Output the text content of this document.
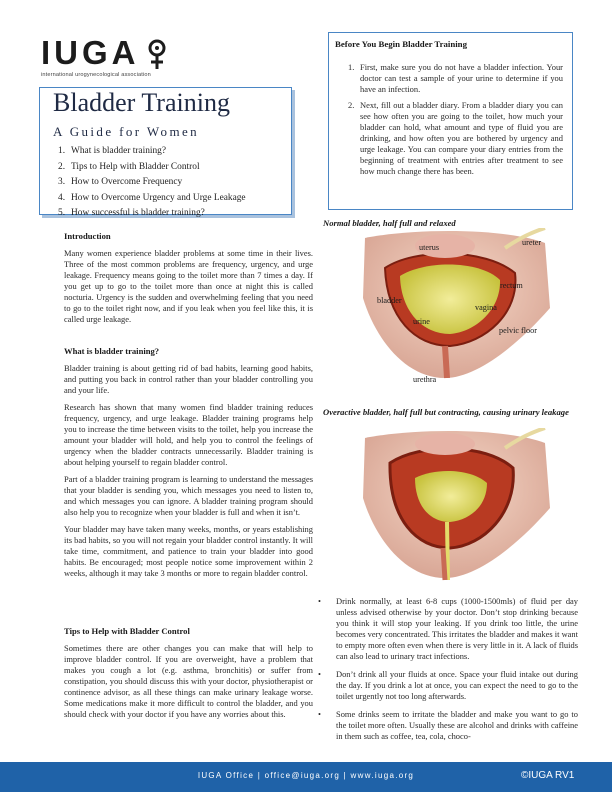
IUGA
international urogynecological association
Bladder Training
A Guide for Women
1. What is bladder training?
2. Tips to Help with Bladder Control
3. How to Overcome Frequency
4. How to Overcome Urgency and Urge Leakage
5. How successful is bladder training?

Introduction

Many women experience bladder problems at some time in their lives. Three of the most common problems are frequency, urgency, and urge leakage. Frequency means going to the toilet more than 7 times a day. If you get up to go to the toilet more than once at night this is called nocturia. Urgency is the sudden and overwhelming feeling that you need to go to the toilet right now, and if you leak when you feel like this, it is called urge leakage.

What is bladder training?

Bladder training is about getting rid of bad habits, learning good habits, and putting you back in control rather than your bladder controlling you and your life.

Research has shown that many women find bladder training reduces frequency, urgency, and urge leakage. Bladder training programs help you to increase the time between visits to the toilet, help you increase the amount your bladder will hold, and help you to control the feelings of urgency when the bladder contracts unnecessarily. Bladder training is about helping yourself to regain bladder control.

Part of a bladder training program is learning to understand the messages that your bladder is sending you, which messages you need to listen to, and which messages you can ignore. A bladder training program should also help you to recognize when your bladder is full and when it isn’t.

Your bladder may have taken many weeks, months, or years establishing its bad habits, so you will not regain your bladder control instantly. It will take time, commitment, and patience to train your bladder into good habits. Be encouraged; most people notice some improvement within 2 weeks, although it may take 3 months or more to regain bladder control.

Tips to Help with Bladder Control

Sometimes there are other changes you can make that will help to improve bladder control. If you are overweight, have a problem that makes you cough a lot (e.g. asthma, bronchitis) or suffer from constipation, you should discuss this with your doctor, physiotherapist or continence advisor, as all these things can make urinary leakage worse. Some medications make it more difficult to control the bladder, and you should check with your doctor if you have any worries about this.

Before You Begin Bladder Training
1. First, make sure you do not have a bladder infection. Your doctor can test a sample of your urine to determine if you have an infection.
2. Next, fill out a bladder diary. From a bladder diary you can see how often you are going to the toilet, how much your bladder can hold, what amount and type of fluid you are drinking, and how often you are bothered by urgency and urge leakage. You can compare your diary entries from the beginning of treatment with entries after treatment to see how much change there has been.
Normal bladder, half full and relaxed
uterus
ureter
rectum
bladder
vagina
urine
pelvic floor
urethra
Overactive bladder, half full but contracting, causing urinary leakage
• Drink normally, at least 6-8 cups (1000-1500mls) of fluid per day unless advised otherwise by your doctor. Don’t stop drinking because you think it will stop your leaking. If you drink too little, the urine becomes very concentrated. This irritates the bladder and makes it want to empty more often even when there is very little in it. A lack of fluids can also lead to urinary tract infections.
• Don’t drink all your fluids at once. Space your fluid intake out during the day. If you drink a lot at once, you can expect the need to go to the toilet urgently not too long afterwards.
• Some drinks seem to irritate the bladder and make you want to go to the toilet more often. Usually these are alcohol and drinks with caffeine in them such as coffee, tea, cola, choco-
IUGA Office | office@iuga.org | www.iuga.org	©IUGA RV1
